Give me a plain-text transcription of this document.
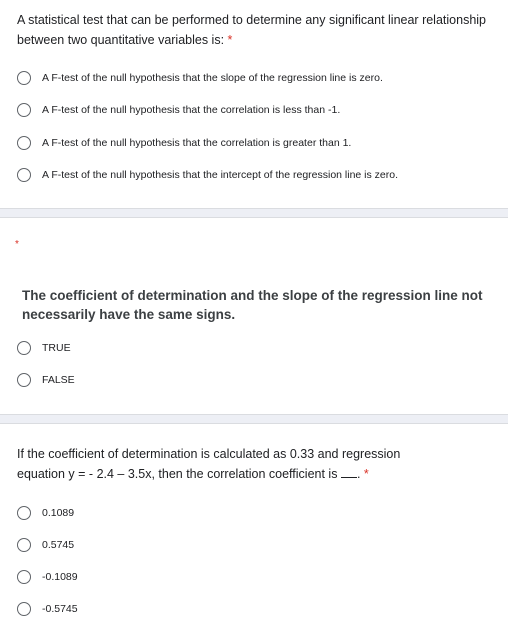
A statistical test that can be performed to determine any significant linear relationship between two quantitative variables is: *
A F-test of the null hypothesis that the slope of the regression line is zero.
A F-test of the null hypothesis that the correlation is less than -1.
A F-test of the null hypothesis that the correlation is greater than 1.
A F-test of the null hypothesis that the intercept of the regression line is zero.
*
The coefficient of determination and the slope of the regression line not necessarily have the same signs.
TRUE
FALSE
If the coefficient of determination is calculated as 0.33 and regression
equation y = - 2.4 – 3.5x, then the correlation coefficient is . *
0.1089
0.5745
-0.1089
-0.5745
